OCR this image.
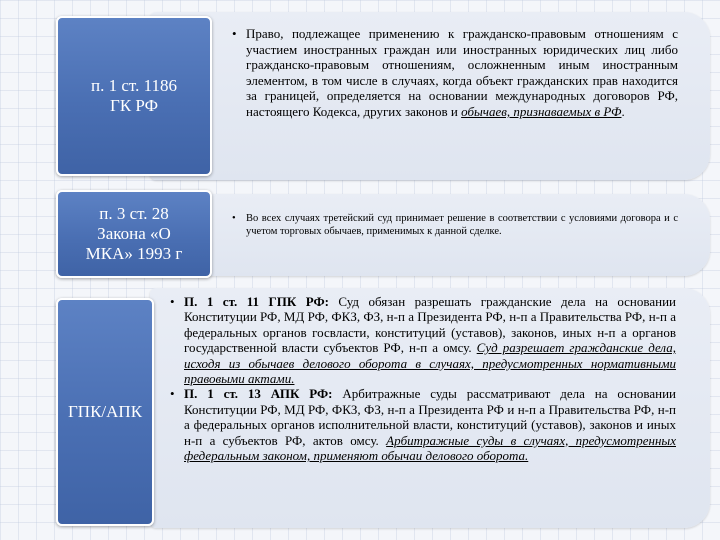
• Право, подлежащее применению к гражданско-правовым отношениям с участием иностранных граждан или иностранных юридических лиц либо гражданско-правовым отношениям, осложненным иным иностранным элементом, в том числе в случаях, когда объект гражданских прав находится за границей, определяется на основании международных договоров РФ, настоящего Кодекса, других законов и обычаев, признаваемых в РФ.
п. 1 ст. 1186
ГК РФ
• Во всех случаях третейский суд принимает решение в соответствии с условиями договора и с учетом торговых обычаев, применимых к данной сделке.
п. 3 ст. 28
Закона «О
МКА» 1993 г
• П. 1 ст. 11 ГПК РФ: Суд обязан разрешать гражданские дела на основании Конституции РФ, МД РФ, ФКЗ, ФЗ, н-п а Президента РФ, н-п а Правительства РФ, н-п а федеральных органов госвласти, конституций (уставов), законов, иных н-п а органов государственной власти субъектов РФ, н-п а омсу. Суд разрешает гражданские дела, исходя из обычаев делового оборота в случаях, предусмотренных нормативными правовыми актами.
• П. 1 ст. 13 АПК РФ: Арбитражные суды рассматривают дела на основании Конституции РФ, МД РФ, ФКЗ, ФЗ, н-п а Президента РФ и н-п а Правительства РФ, н-п а федеральных органов исполнительной власти, конституций (уставов), законов и иных н-п а субъектов РФ, актов омсу. Арбитражные суды в случаях, предусмотренных федеральным законом, применяют обычаи делового оборота.
ГПК/АПК
